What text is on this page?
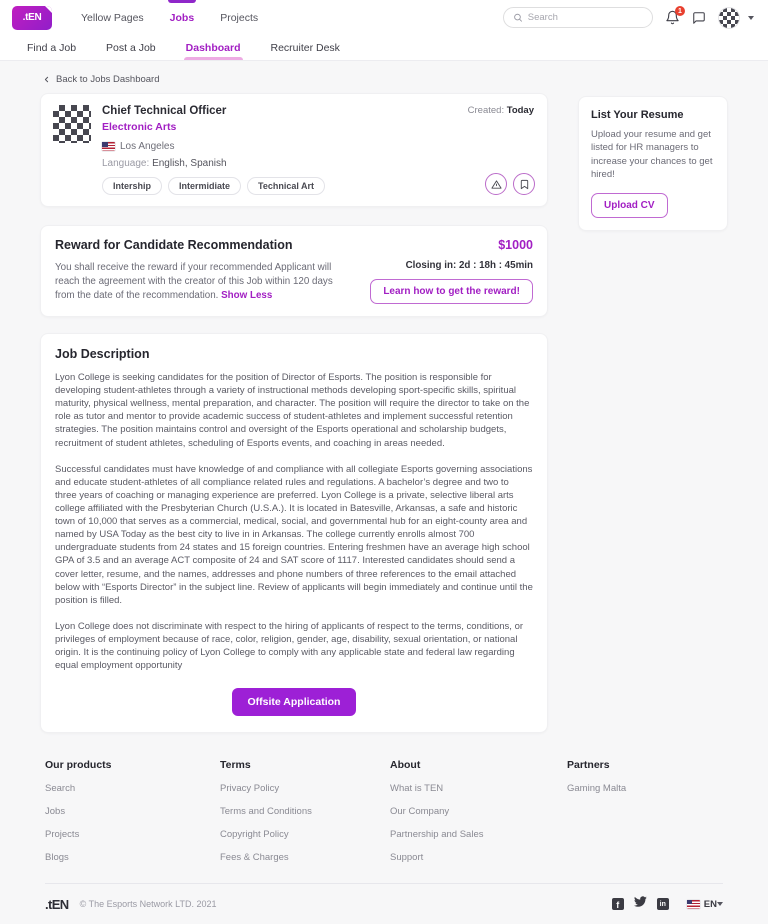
.tEN	Yellow Pages	Jobs	Projects
Search
1
Find a Job	Post a Job	Dashboard	Recruiter Desk
Back to Jobs Dashboard
Chief Technical Officer
Electronic Arts
Los Angeles
Language: English, Spanish
Intership	Intermidiate	Technical Art
Created: Today
Reward for Candidate Recommendation

You shall receive the reward if your recommended Applicant will reach the agreement with the creator of this Job within 120 days from the date of the recommendation. Show Less

$1000
Closing in: 2d : 18h : 45min
Learn how to get the reward!
Job Description

Lyon College is seeking candidates for the position of Director of Esports. The position is responsible for developing student-athletes through a variety of instructional methods developing sport-specific skills, spiritual maturity, physical wellness, mental preparation, and character. The position will require the director to take on the role as tutor and mentor to provide academic success of student-athletes and implement successful retention strategies. The position maintains control and oversight of the Esports operational and scholarship budgets, recruitment of student athletes, scheduling of Esports events, and coaching in areas needed.

Successful candidates must have knowledge of and compliance with all collegiate Esports governing associations and educate student-athletes of all compliance related rules and regulations. A bachelor’s degree and two to three years of coaching or managing experience are preferred. Lyon College is a private, selective liberal arts college affiliated with the Presbyterian Church (U.S.A.). It is located in Batesville, Arkansas, a safe and historic town of 10,000 that serves as a commercial, medical, social, and governmental hub for an eight-county area and named by USA Today as the best city to live in in Arkansas. The college currently enrolls almost 700 undergraduate students from 24 states and 15 foreign countries. Entering freshmen have an average high school GPA of 3.5 and an average ACT composite of 24 and SAT score of 1117. Interested candidates should send a cover letter, resume, and the names, addresses and phone numbers of three references to the email attached below with “Esports Director” in the subject line. Review of applicants will begin immediately and continue until the position is filled.

Lyon College does not discriminate with respect to the hiring of applicants of respect to the terms, conditions, or privileges of employment because of race, color, religion, gender, age, disability, sexual orientation, or national origin. It is the continuing policy of Lyon College to comply with any applicable state and federal law regarding equal employment opportunity

Offsite Application
List Your Resume

Upload your resume and get listed for HR managers to increase your chances to get hired!

Upload CV
Our products
Search
Jobs
Projects
Blogs
Terms
Privacy Policy
Terms and Conditions
Copyright Policy
Fees & Charges
About
What is TEN
Our Company
Partnership and Sales
Support
Partners
Gaming Malta
.tEN © The Esports Network LTD. 2021	f	in	EN
